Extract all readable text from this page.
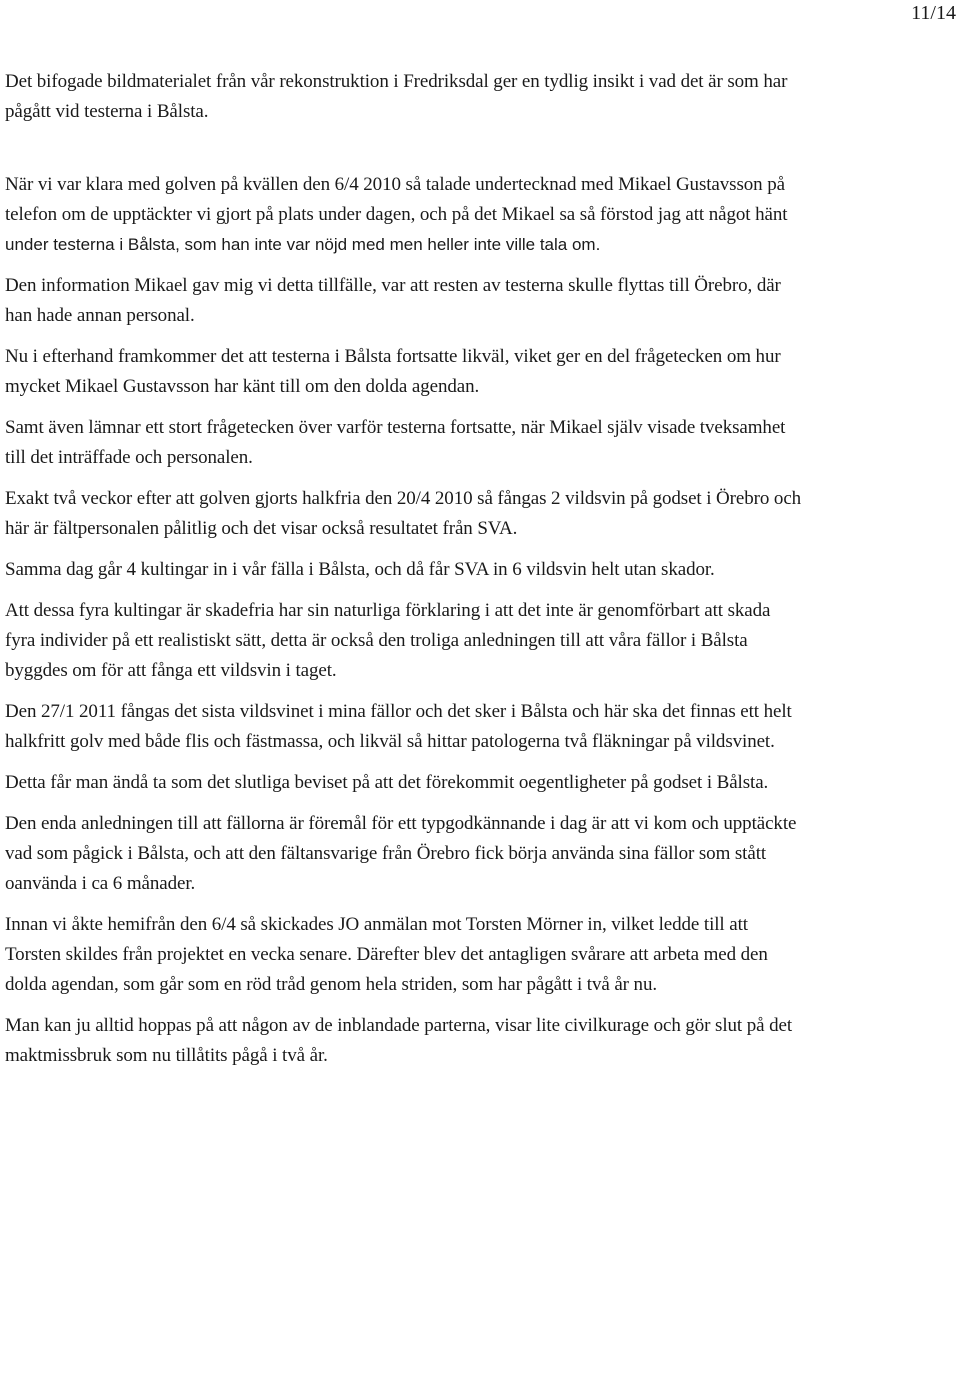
11/14

Det bifogade bildmaterialet från vår rekonstruktion i Fredriksdal ger en tydlig insikt i vad det är som har
pågått vid testerna i Bålsta.

När vi var klara med golven på kvällen den 6/4 2010 så talade undertecknad med Mikael Gustavsson på
telefon om de upptäckter vi gjort på plats under dagen, och på det Mikael sa så förstod jag att något hänt
under testerna i Bålsta, som han inte var nöjd med men heller inte ville tala om.

Den information Mikael gav mig vi detta tillfälle, var att resten av testerna skulle flyttas till Örebro, där
han hade annan personal.

Nu i efterhand framkommer det att testerna i Bålsta fortsatte likväl, viket ger en del frågetecken om hur
mycket Mikael Gustavsson har känt till om den dolda agendan.

Samt även lämnar ett stort frågetecken över varför testerna fortsatte, när Mikael själv visade tveksamhet
till det inträffade och personalen.

Exakt två veckor efter att golven gjorts halkfria den 20/4 2010 så fångas 2 vildsvin på godset i Örebro och
här är fältpersonalen pålitlig och det visar också resultatet från SVA.

Samma dag går 4 kultingar in i vår fälla i Bålsta, och då får SVA in 6 vildsvin helt utan skador.

Att dessa fyra kultingar är skadefria har sin naturliga förklaring i att det inte är genomförbart att skada
fyra individer på ett realistiskt sätt, detta är också den troliga anledningen till att våra fällor i Bålsta
byggdes om för att fånga ett vildsvin i taget.

Den 27/1 2011 fångas det sista vildsvinet i mina fällor och det sker i Bålsta och här ska det finnas ett helt
halkfritt golv med både flis och fästmassa, och likväl så hittar patologerna två fläkningar på vildsvinet.

Detta får man ändå ta som det slutliga beviset på att det förekommit oegentligheter på godset i Bålsta.

Den enda anledningen till att fällorna är föremål för ett typgodkännande i dag är att vi kom och upptäckte
vad som pågick i Bålsta, och att den fältansvarige från Örebro fick börja använda sina fällor som stått
oanvända i ca 6 månader.

Innan vi åkte hemifrån den 6/4 så skickades JO anmälan mot Torsten Mörner in, vilket ledde till att
Torsten skildes från projektet en vecka senare. Därefter blev det antagligen svårare att arbeta med den
dolda agendan, som går som en röd tråd genom hela striden, som har pågått i två år nu.

Man kan ju alltid hoppas på att någon av de inblandade parterna, visar lite civilkurage och gör slut på det
maktmissbruk som nu tillåtits pågå i två år.
